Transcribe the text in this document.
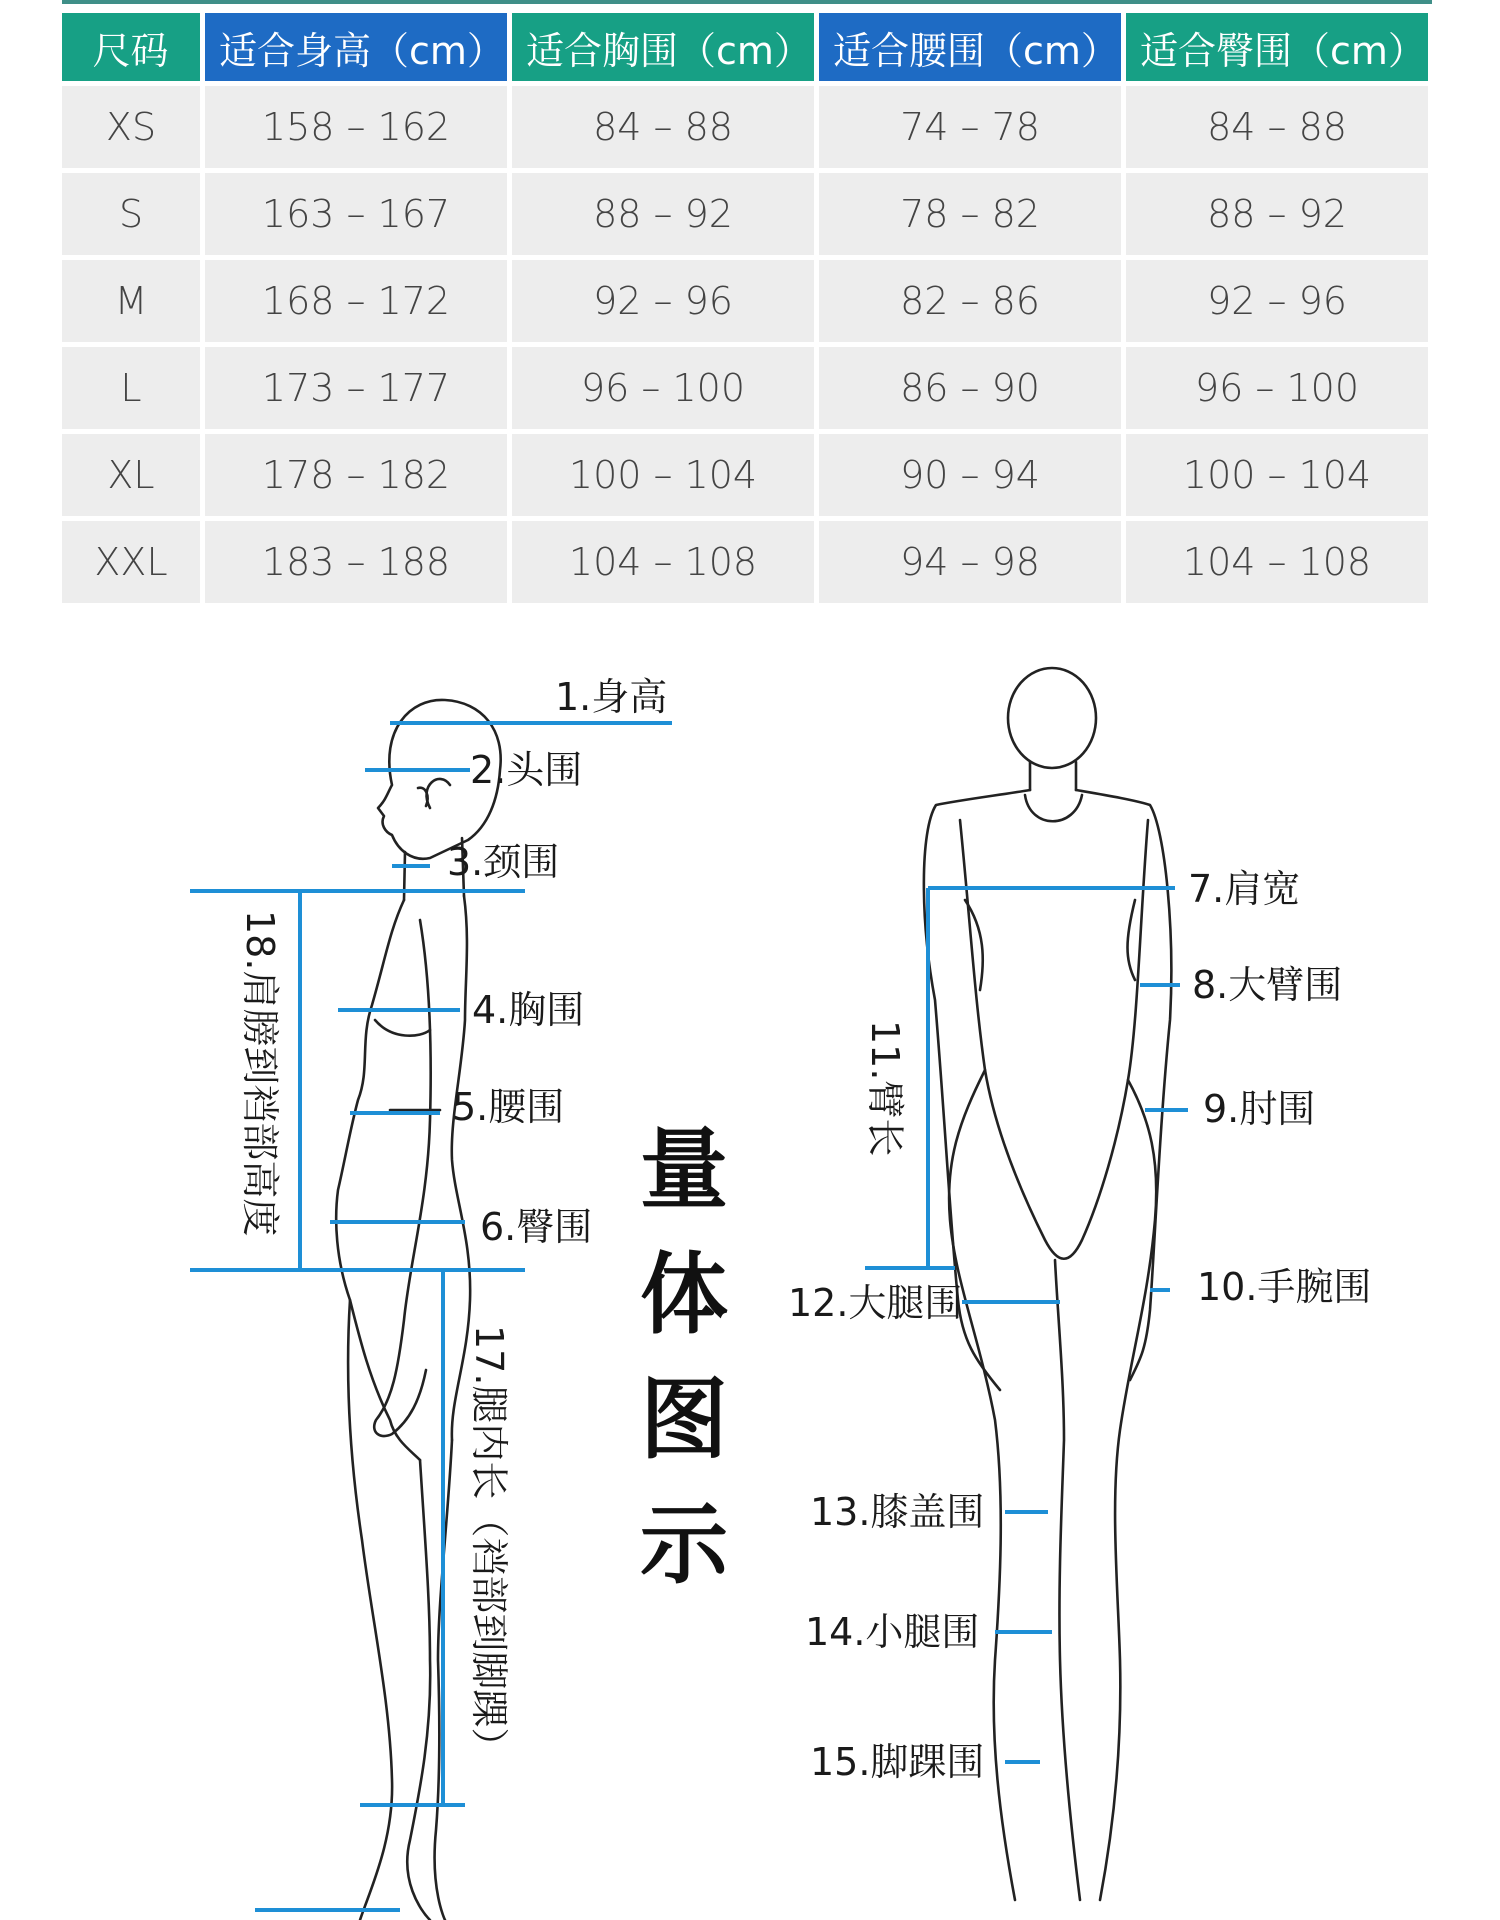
尺码	适合身高（cm）	适合胸围（cm）	适合腰围（cm）	适合臀围（cm）
XS	158 – 162	84 – 88	74 – 78	84 – 88
S	163 – 167	88 – 92	78 – 82	88 – 92
M	168 – 172	92 – 96	82 – 86	92 – 96
L	173 – 177	96 – 100	86 – 90	96 – 100
XL	178 – 182	100 – 104	90 – 94	100 – 104
XXL	183 – 188	104 – 108	94 – 98	104 – 108
1.身高
2.头围
3.颈围
4.胸围
5.腰围
6.臀围
18.肩膀到裆部高度
17.腿内长（裆部到脚踝）
量体图示
7.肩宽
8.大臂围
9.肘围
10.手腕围
11.臂长
12.大腿围
13.膝盖围
14.小腿围
15.脚踝围
